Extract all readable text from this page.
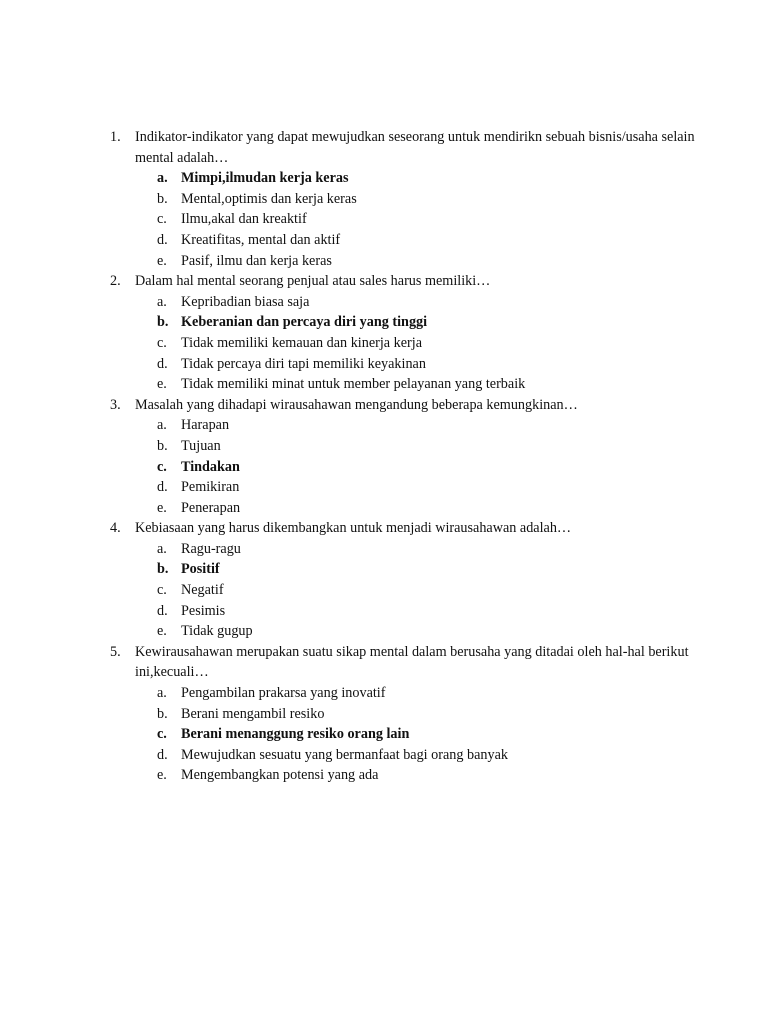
1.	Indikator-indikator yang dapat mewujudkan seseorang untuk mendirikn sebuah bisnis/usaha selain mental adalah…
a. Mimpi,ilmudan kerja keras
b. Mental,optimis dan kerja keras
c. Ilmu,akal dan kreaktif
d. Kreatifitas, mental dan aktif
e. Pasif, ilmu dan kerja keras
2.	Dalam hal mental seorang penjual atau sales harus memiliki…
a. Kepribadian biasa saja
b. Keberanian dan percaya diri yang tinggi
c. Tidak memiliki kemauan dan kinerja kerja
d. Tidak percaya diri tapi memiliki keyakinan
e. Tidak memiliki minat untuk member pelayanan yang terbaik
3.	Masalah yang dihadapi wirausahawan mengandung beberapa kemungkinan…
a. Harapan
b. Tujuan
c. Tindakan
d. Pemikiran
e. Penerapan
4.	Kebiasaan yang harus dikembangkan untuk menjadi wirausahawan adalah…
a. Ragu-ragu
b. Positif
c. Negatif
d. Pesimis
e. Tidak gugup
5.	Kewirausahawan merupakan suatu sikap mental dalam berusaha yang ditadai oleh hal-hal berikut ini,kecuali…
a. Pengambilan prakarsa yang inovatif
b. Berani mengambil resiko
c. Berani menanggung resiko orang lain
d. Mewujudkan sesuatu yang bermanfaat bagi orang banyak
e. Mengembangkan potensi yang ada
